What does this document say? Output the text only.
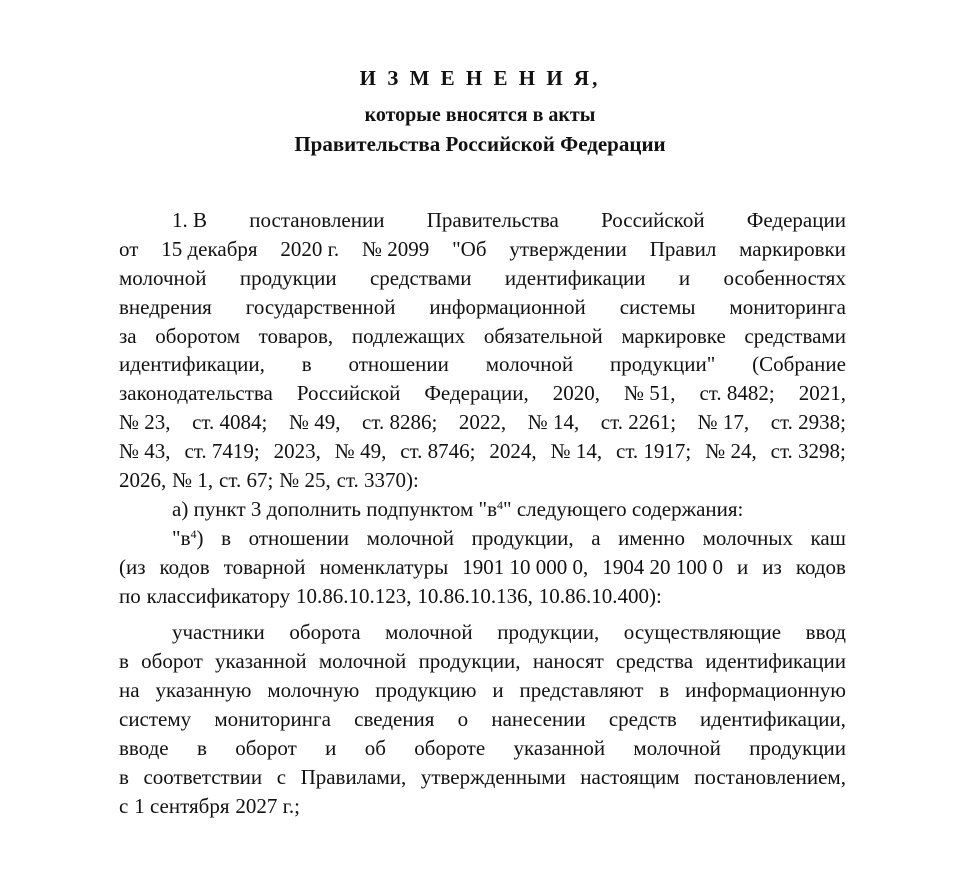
И З М Е Н Е Н И Я,
которые вносятся в акты
Правительства Российской Федерации
1. В постановлении Правительства Российской Федерации
от 15 декабря 2020 г. № 2099 "Об утверждении Правил маркировки
молочной продукции средствами идентификации и особенностях
внедрения государственной информационной системы мониторинга
за оборотом товаров, подлежащих обязательной маркировке средствами
идентификации, в отношении молочной продукции" (Собрание
законодательства Российской Федерации, 2020, № 51, ст. 8482; 2021,
№ 23, ст. 4084; № 49, ст. 8286; 2022, № 14, ст. 2261; № 17, ст. 2938;
№ 43, ст. 7419; 2023, № 49, ст. 8746; 2024, № 14, ст. 1917; № 24, ст. 3298;
2026, № 1, ст. 67; № 25, ст. 3370):
а) пункт 3 дополнить подпунктом "$в^4$" следующего содержания:
"$в^4$) в отношении молочной продукции, а именно молочных каш
(из кодов товарной номенклатуры 1901 10 000 0, 1904 20 100 0 и из кодов
по классификатору 10.86.10.123, 10.86.10.136, 10.86.10.400):
участники оборота молочной продукции, осуществляющие ввод
в оборот указанной молочной продукции, наносят средства идентификации
на указанную молочную продукцию и представляют в информационную
систему мониторинга сведения о нанесении средств идентификации,
вводе в оборот и об обороте указанной молочной продукции
в соответствии с Правилами, утвержденными настоящим постановлением,
с 1 сентября 2027 г.;
